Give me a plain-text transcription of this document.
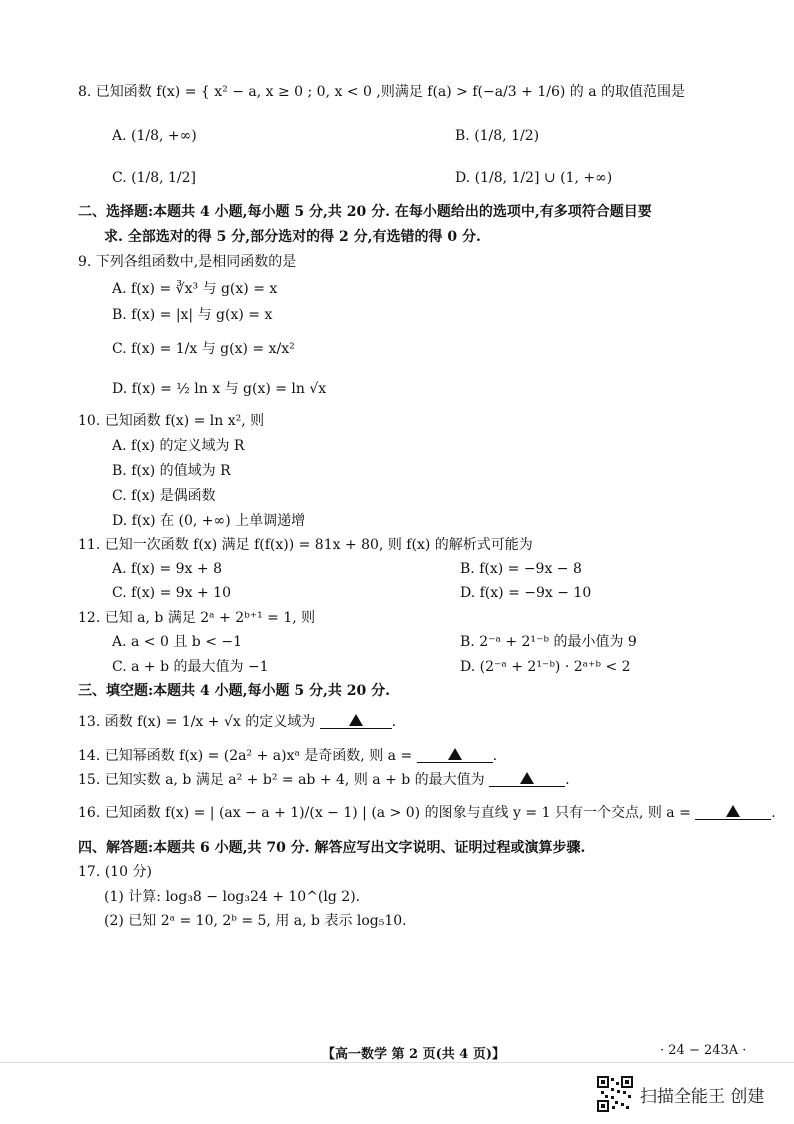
8. 已知函数 f(x) = { x² − a, x ≥ 0 ; 0, x < 0 ,则满足 f(a) > f(−a/3 + 1/6) 的 a 的取值范围是
A. (1/8, +∞)	B. (1/8, 1/2)
C. (1/8, 1/2]	D. (1/8, 1/2] ∪ (1, +∞)
二、选择题:本题共 4 小题,每小题 5 分,共 20 分. 在每小题给出的选项中,有多项符合题目要
求. 全部选对的得 5 分,部分选对的得 2 分,有选错的得 0 分.
9. 下列各组函数中,是相同函数的是
A. f(x) = ∛x³ 与 g(x) = x
B. f(x) = |x| 与 g(x) = x
C. f(x) = 1/x 与 g(x) = x/x²
D. f(x) = ½ ln x 与 g(x) = ln √x
10. 已知函数 f(x) = ln x², 则
A. f(x) 的定义域为 R
B. f(x) 的值域为 R
C. f(x) 是偶函数
D. f(x) 在 (0, +∞) 上单调递增
11. 已知一次函数 f(x) 满足 f(f(x)) = 81x + 80, 则 f(x) 的解析式可能为
A. f(x) = 9x + 8	B. f(x) = −9x − 8
C. f(x) = 9x + 10	D. f(x) = −9x − 10
12. 已知 a, b 满足 2ᵃ + 2ᵇ⁺¹ = 1, 则
A. a < 0 且 b < −1	B. 2⁻ᵃ + 2¹⁻ᵇ 的最小值为 9
C. a + b 的最大值为 −1	D. (2⁻ᵃ + 2¹⁻ᵇ) · 2ᵃ⁺ᵇ < 2
三、填空题:本题共 4 小题,每小题 5 分,共 20 分.
13. 函数 f(x) = 1/x + √x 的定义域为	.
14. 已知幂函数 f(x) = (2a² + a)xᵃ 是奇函数, 则 a =	.
15. 已知实数 a, b 满足 a² + b² = ab + 4, 则 a + b 的最大值为	.
16. 已知函数 f(x) = | (ax − a + 1)/(x − 1) | (a > 0) 的图象与直线 y = 1 只有一个交点, 则 a =	.
四、解答题:本题共 6 小题,共 70 分. 解答应写出文字说明、证明过程或演算步骤.
17. (10 分)
(1) 计算: log₃8 − log₃24 + 10^(lg 2).
(2) 已知 2ᵃ = 10, 2ᵇ = 5, 用 a, b 表示 log₅10.
【高一数学 第 2 页(共 4 页)】	· 24 − 243A ·
扫描全能王 创建
